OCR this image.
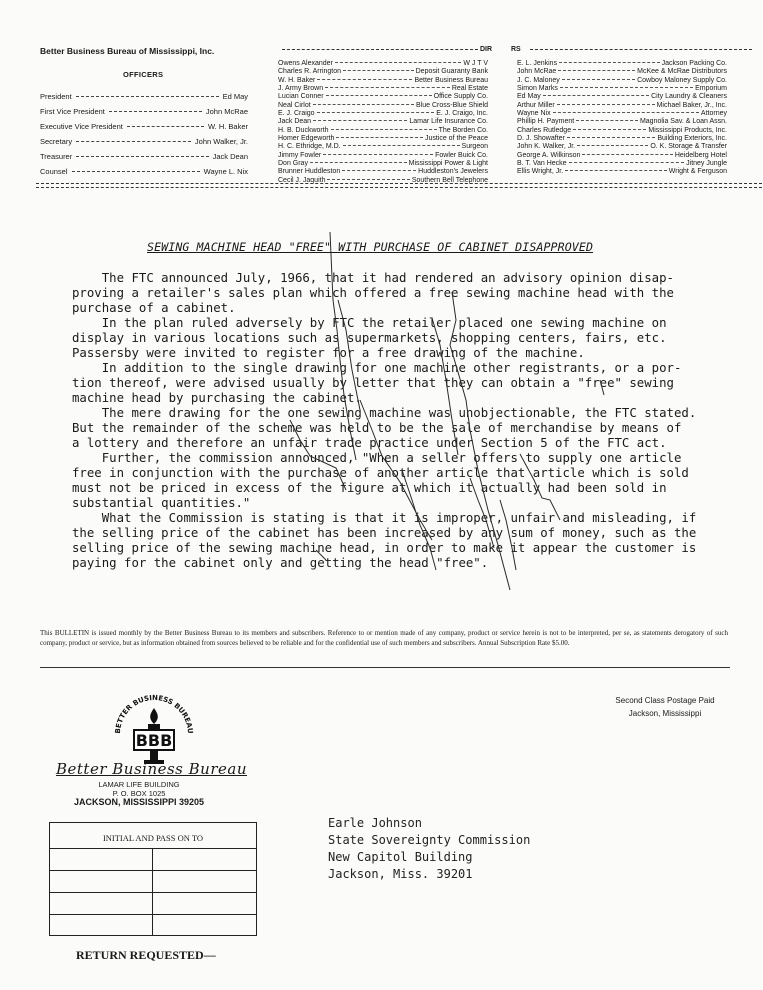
Better Business Bureau of Mississippi, Inc.
OFFICERS
President	Ed May
First Vice President	John McRae
Executive Vice President	W. H. Baker
Secretary	John Walker, Jr.
Treasurer	Jack Dean
Counsel	Wayne L. Nix
DIR	RS
Owens Alexander	W J T V
Charles R. Arrington	Deposit Guaranty Bank
W. H. Baker	Better Business Bureau
J. Army Brown	Real Estate
Lucian Conner	Office Supply Co.
Neal Cirlot	Blue Cross-Blue Shield
E. J. Craigo	E. J. Craigo, Inc.
Jack Dean	Lamar Life Insurance Co.
H. B. Duckworth	The Borden Co.
Homer Edgeworth	Justice of the Peace
H. C. Ethridge, M.D.	Surgeon
Jimmy Fowler	Fowler Buick Co.
Don Gray	Mississippi Power & Light
Brunner Huddleston	Huddleston's Jewelers
Cecil J. Jaquith	Southern Bell Telephone
E. L. Jenkins	Jackson Packing Co.
John McRae	McKee & McRae Distributors
J. C. Maloney	Cowboy Maloney Supply Co.
Simon Marks	Emporium
Ed May	City Laundry & Cleaners
Arthur Miller	Michael Baker, Jr., Inc.
Wayne Nix	Attorney
Phillip H. Payment	Magnolia Sav. & Loan Assn.
Charles Rutledge	Mississippi Products, Inc.
D. J. Showafter	Building Exteriors, Inc.
John K. Walker, Jr.	O. K. Storage & Transfer
George A. Wilkinson	Heidelberg Hotel
B. T. Van Hecke	Jitney Jungle
Ellis Wright, Jr.	Wright & Ferguson
SEWING MACHINE HEAD "FREE" WITH PURCHASE OF CABINET DISAPPROVED
The FTC announced July, 1966, that it had rendered an advisory opinion disap-
proving a retailer's sales plan which offered a free sewing machine head with the
purchase of a cabinet.
In the plan ruled adversely by FTC the retailer placed one sewing machine on
display in various locations such as supermarkets, shopping centers, fairs, etc.
Passersby were invited to register for a free drawing of the machine.
In addition to the single drawing for one machine other registrants, or a por-
tion thereof, were advised usually by letter that they can obtain a "free" sewing
machine head by purchasing the cabinet.
The mere drawing for the one sewing machine was unobjectionable, the FTC stated.
But the remainder of the scheme was held to be the sale of merchandise by means of
a lottery and therefore an unfair trade practice under Section 5 of the FTC act.
Further, the commission announced, "When a seller offers to supply one article
free in conjunction with the purchase of another article that article which is sold
must not be priced in excess of the figure at which it actually had been sold in
substantial quantities."
What the Commission is stating is that it is improper, unfair and misleading, if
the selling price of the cabinet has been increased by any sum of money, such as the
selling price of the sewing machine head, in order to make it appear the customer is
paying for the cabinet only and getting the head "free".
This BULLETIN is issued monthly by the Better Business Bureau to its members and subscribers. Reference to or mention made of any company, product or service herein is not to be interpreted, per se, as statements derogatory of such company, product or service, but as information obtained from sources believed to be reliable and for the confidential use of such members and subscribers. Annual Subscription Rate $5.00.
Second Class Postage Paid
Jackson, Mississippi
BETTER BUSINESS BUREAU
BBB
Better Business Bureau
LAMAR LIFE BUILDING
P. O. BOX 1025
JACKSON, MISSISSIPPI 39205
INITIAL AND PASS ON TO
RETURN REQUESTED—
Earle Johnson
State Sovereignty Commission
New Capitol Building
Jackson, Miss. 39201
